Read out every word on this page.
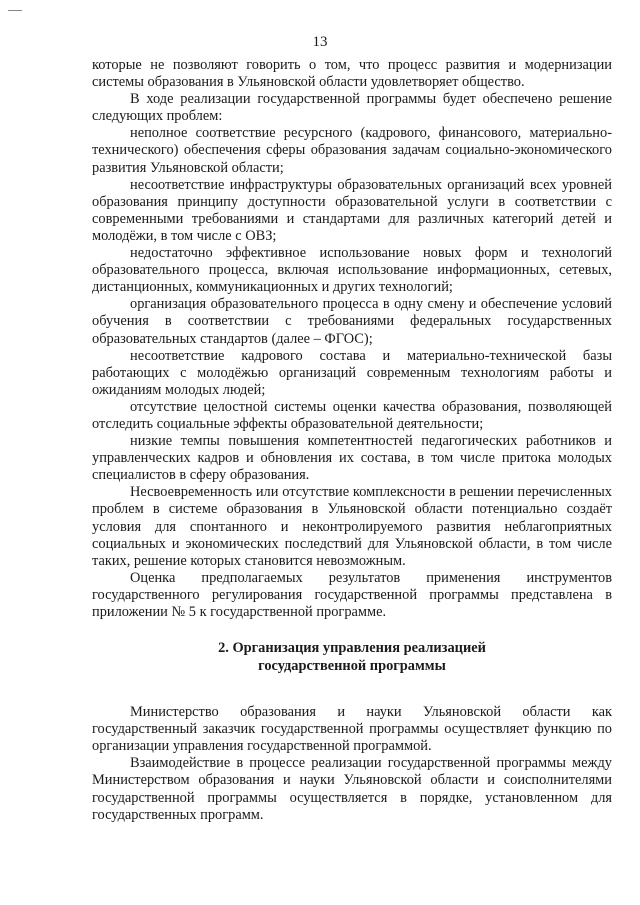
13

которые не позволяют говорить о том, что процесс развития и модернизации системы образования в Ульяновской области удовлетворяет общество.

В ходе реализации государственной программы будет обеспечено решение следующих проблем:

неполное соответствие ресурсного (кадрового, финансового, материально-технического) обеспечения сферы образования задачам социально-экономического развития Ульяновской области;

несоответствие инфраструктуры образовательных организаций всех уровней образования принципу доступности образовательной услуги в соответствии с современными требованиями и стандартами для различных категорий детей и молодёжи, в том числе с ОВЗ;

недостаточно эффективное использование новых форм и технологий образовательного процесса, включая использование информационных, сетевых, дистанционных, коммуникационных и других технологий;

организация образовательного процесса в одну смену и обеспечение условий обучения в соответствии с требованиями федеральных государственных образовательных стандартов (далее – ФГОС);

несоответствие кадрового состава и материально-технической базы работающих с молодёжью организаций современным технологиям работы и ожиданиям молодых людей;

отсутствие целостной системы оценки качества образования, позволяющей отследить социальные эффекты образовательной деятельности;

низкие темпы повышения компетентностей педагогических работников и управленческих кадров и обновления их состава, в том числе притока молодых специалистов в сферу образования.

Несвоевременность или отсутствие комплексности в решении перечисленных проблем в системе образования в Ульяновской области потенциально создаёт условия для спонтанного и неконтролируемого развития неблагоприятных социальных и экономических последствий для Ульяновской области, в том числе таких, решение которых становится невозможным.

Оценка предполагаемых результатов применения инструментов государственного регулирования государственной программы представлена в приложении № 5 к государственной программе.

2. Организация управления реализацией
государственной программы

Министерство образования и науки Ульяновской области как государственный заказчик государственной программы осуществляет функцию по организации управления государственной программой.

Взаимодействие в процессе реализации государственной программы между Министерством образования и науки Ульяновской области и соисполнителями государственной программы осуществляется в порядке, установленном для государственных программ.
